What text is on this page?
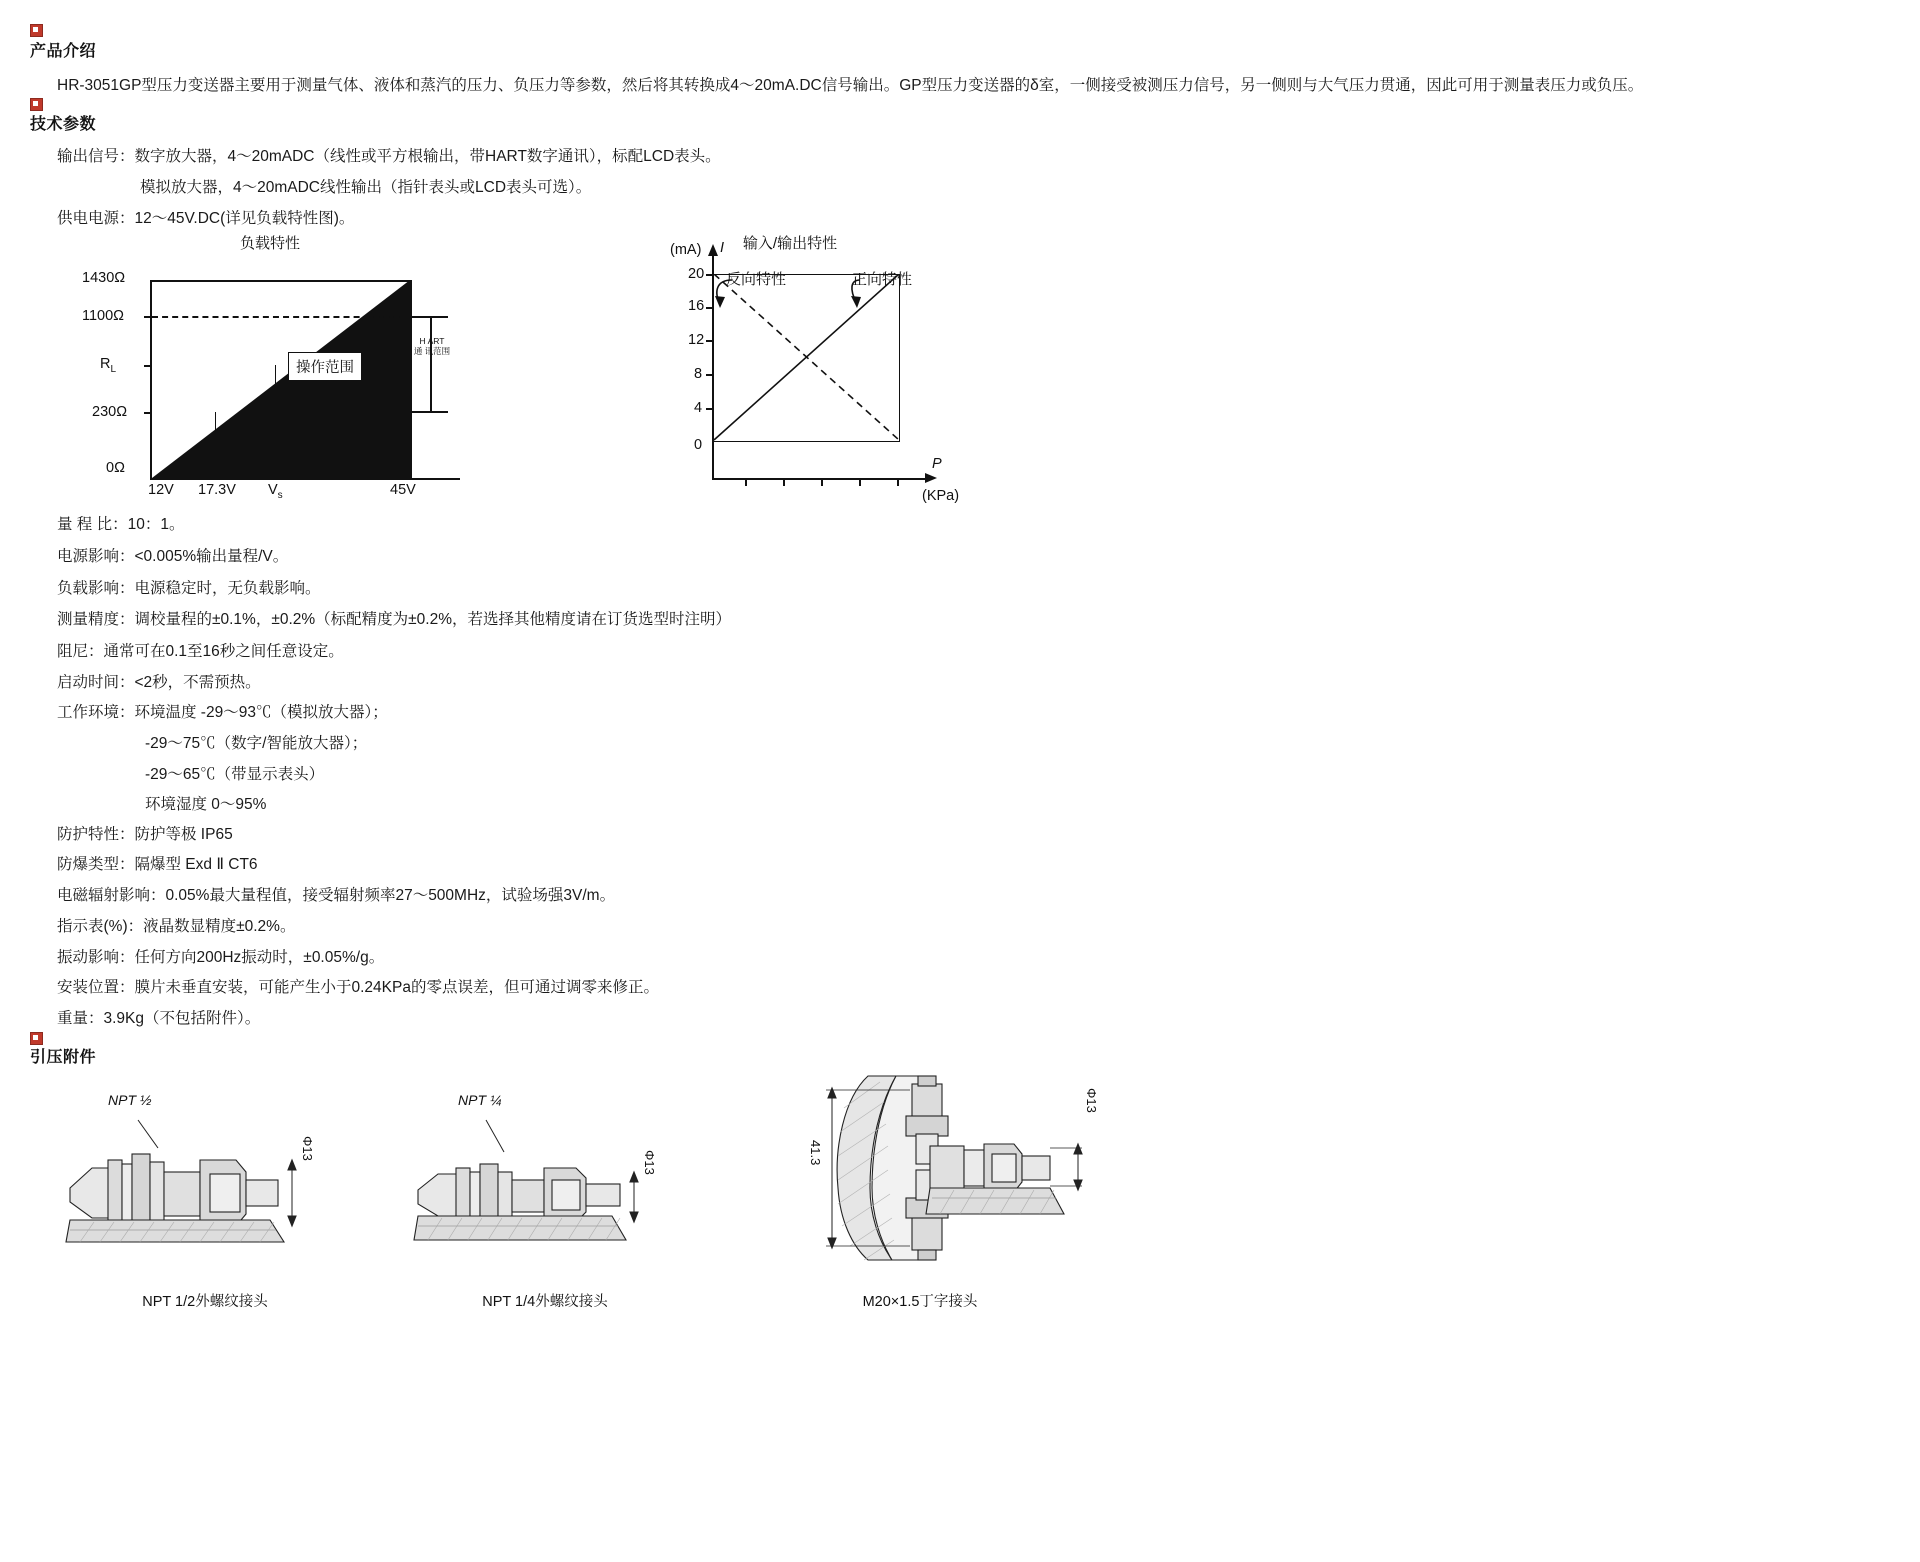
产品介绍
HR-3051GP型压力变送器主要用于测量气体、液体和蒸汽的压力、负压力等参数，然后将其转换成4～20mA.DC信号输出。GP型压力变送器的δ室，一侧接受被测压力信号，另一侧则与大气压力贯通，因此可用于测量表压力或负压。
技术参数
输出信号：数字放大器，4～20mADC（线性或平方根输出，带HART数字通讯），标配LCD表头。
模拟放大器，4～20mADC线性输出（指针表头或LCD表头可选）。
供电电源：12～45V.DC(详见负载特性图)。
负载特性
1430Ω
1100Ω
$R_L$
230Ω
0Ω
12V 17.3V $V_s$	45V
操作范围
H ART
通 讯范围
输入/输出特性
(mA) I
20
16
12
8
4
0
P
(KPa)
反向特性	正向特性
量 程 比：10：1。
电源影响：<0.005%输出量程/V。
负载影响：电源稳定时，无负载影响。
测量精度：调校量程的±0.1%，±0.2%（标配精度为±0.2%，若选择其他精度请在订货选型时注明）
阻尼：通常可在0.1至16秒之间任意设定。
启动时间：<2秒，不需预热。
工作环境：环境温度 -29～93℃（模拟放大器）；
-29～75℃（数字/智能放大器）；
-29～65℃（带显示表头）
环境湿度 0～95%
防护特性：防护等极 IP65
防爆类型：隔爆型 Exd Ⅱ CT6
电磁辐射影响：0.05%最大量程值，接受辐射频率27～500MHz，试验场强3V/m。
指示表(%)：液晶数显精度±0.2%。
振动影响：任何方向200Hz振动时，±0.05%/g。
安装位置：膜片未垂直安装，可能产生小于0.24KPa的零点误差，但可通过调零来修正。
重量：3.9Kg（不包括附件）。
引压附件
NPT ½
Φ13
NPT 1/2外螺纹接头
NPT ¼
Φ13
NPT 1/4外螺纹接头
41.3
Φ13
M20×1.5丁字接头
